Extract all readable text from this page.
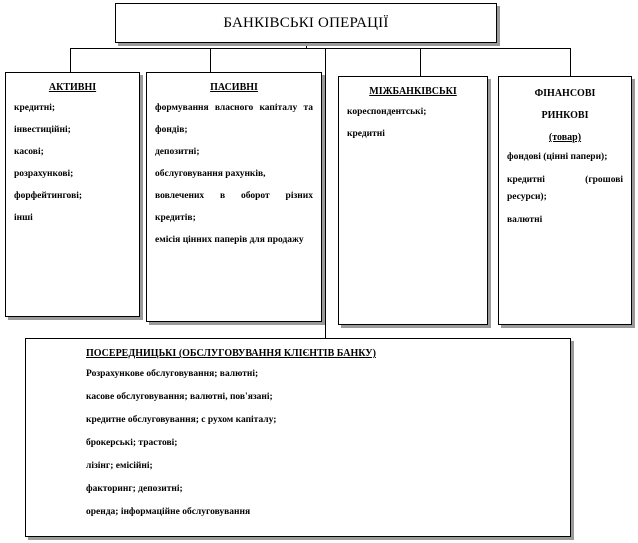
БАНКІВСЬКІ ОПЕРАЦІЇ
АКТИВНІ
кредитні;
інвестиційні;
касові;
розрахункові;
форфейтингові;
інші
ПАСИВНІ
формування власного капіталу та фондів;
депозитні;
обслуговування рахунків,
вовлечених в оборот різних кредитів;
емісія цінних паперів для продажу
МІЖБАНКІВСЬКІ
кореспондентські;
кредитні
ФІНАНСОВІ
РИНКОВІ
(товар)
фондові (цінні папери);
кредитні (грошові ресурси);
валютні
ПОСЕРЕДНИЦЬКІ (ОБСЛУГОВУВАННЯ КЛІЄНТІВ БАНКУ)
Розрахункове обслуговування; валютні;
касове обслуговування; валютні, пов'язані;
кредитне обслуговування; с рухом капіталу;
брокерські; трастові;
лізінг; емісійні;
факторинг; депозитні;
оренда; інформаційне обслуговування
